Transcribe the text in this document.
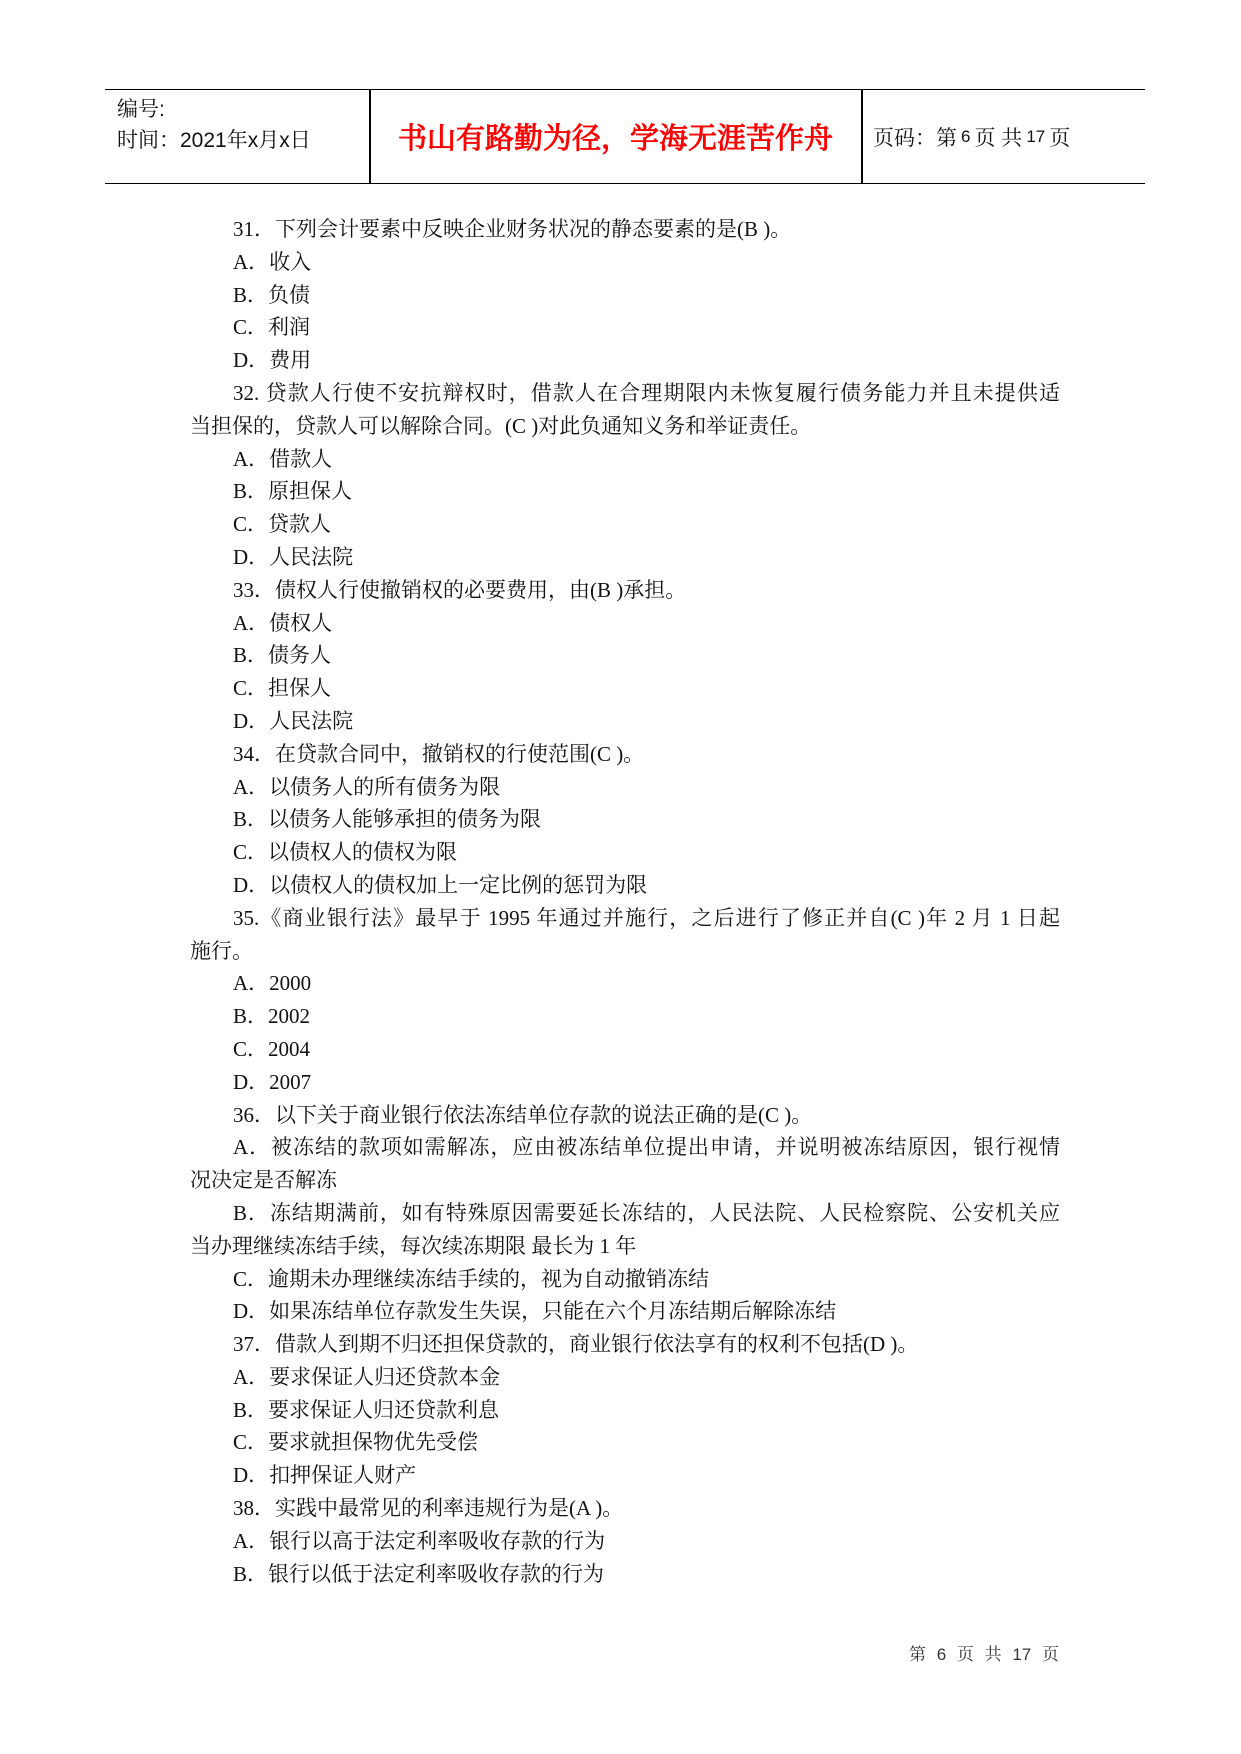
编号:
时间：2021年x月x日	书山有路勤为径，学海无涯苦作舟	页码：第 6 页 共 17 页
31．下列会计要素中反映企业财务状况的静态要素的是(B )。
A．收入
B．负债
C．利润
D．费用
32. 贷款人行使不安抗辩权时，借款人在合理期限内未恢复履行债务能力并且未提供适
当担保的，贷款人可以解除合同。(C )对此负通知义务和举证责任。
A．借款人
B．原担保人
C．贷款人
D．人民法院
33．债权人行使撤销权的必要费用，由(B )承担。
A．债权人
B．债务人
C．担保人
D．人民法院
34．在贷款合同中，撤销权的行使范围(C )。
A．以债务人的所有债务为限
B．以债务人能够承担的债务为限
C．以债权人的债权为限
D．以债权人的债权加上一定比例的惩罚为限
35.《商业银行法》最早于 1995 年通过并施行，之后进行了修正并自(C )年 2 月 1 日起
施行。
A．2000
B．2002
C．2004
D．2007
36．以下关于商业银行依法冻结单位存款的说法正确的是(C )。
A．被冻结的款项如需解冻，应由被冻结单位提出申请，并说明被冻结原因，银行视情
况决定是否解冻
B．冻结期满前，如有特殊原因需要延长冻结的，人民法院、人民检察院、公安机关应
当办理继续冻结手续，每次续冻期限 最长为 1 年
C．逾期未办理继续冻结手续的，视为自动撤销冻结
D．如果冻结单位存款发生失误，只能在六个月冻结期后解除冻结
37．借款人到期不归还担保贷款的，商业银行依法享有的权利不包括(D )。
A．要求保证人归还贷款本金
B．要求保证人归还贷款利息
C．要求就担保物优先受偿
D．扣押保证人财产
38．实践中最常见的利率违规行为是(A )。
A．银行以高于法定利率吸收存款的行为
B．银行以低于法定利率吸收存款的行为
第 6 页 共 17 页
